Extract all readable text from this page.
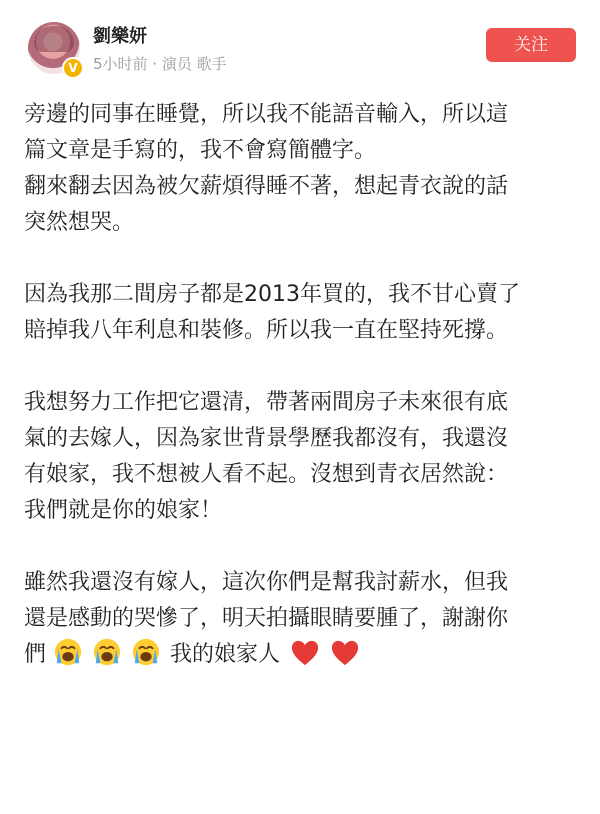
V
劉樂妍
5小时前 · 演员 歌手
关注
旁邊的同事在睡覺，所以我不能語音輸入，所以這
篇文章是手寫的，我不會寫簡體字。
翻來翻去因為被欠薪煩得睡不著，想起青衣說的話
突然想哭。
因為我那二間房子都是2013年買的，我不甘心賣了
賠掉我八年利息和裝修。所以我一直在堅持死撐。
我想努力工作把它還清，帶著兩間房子未來很有底
氣的去嫁人，因為家世背景學歷我都沒有，我還沒
有娘家，我不想被人看不起。沒想到青衣居然說：
我們就是你的娘家！
雖然我還沒有嫁人，這次你們是幫我討薪水，但我
還是感動的哭慘了，明天拍攝眼睛要腫了，謝謝你
們	我的娘家人
